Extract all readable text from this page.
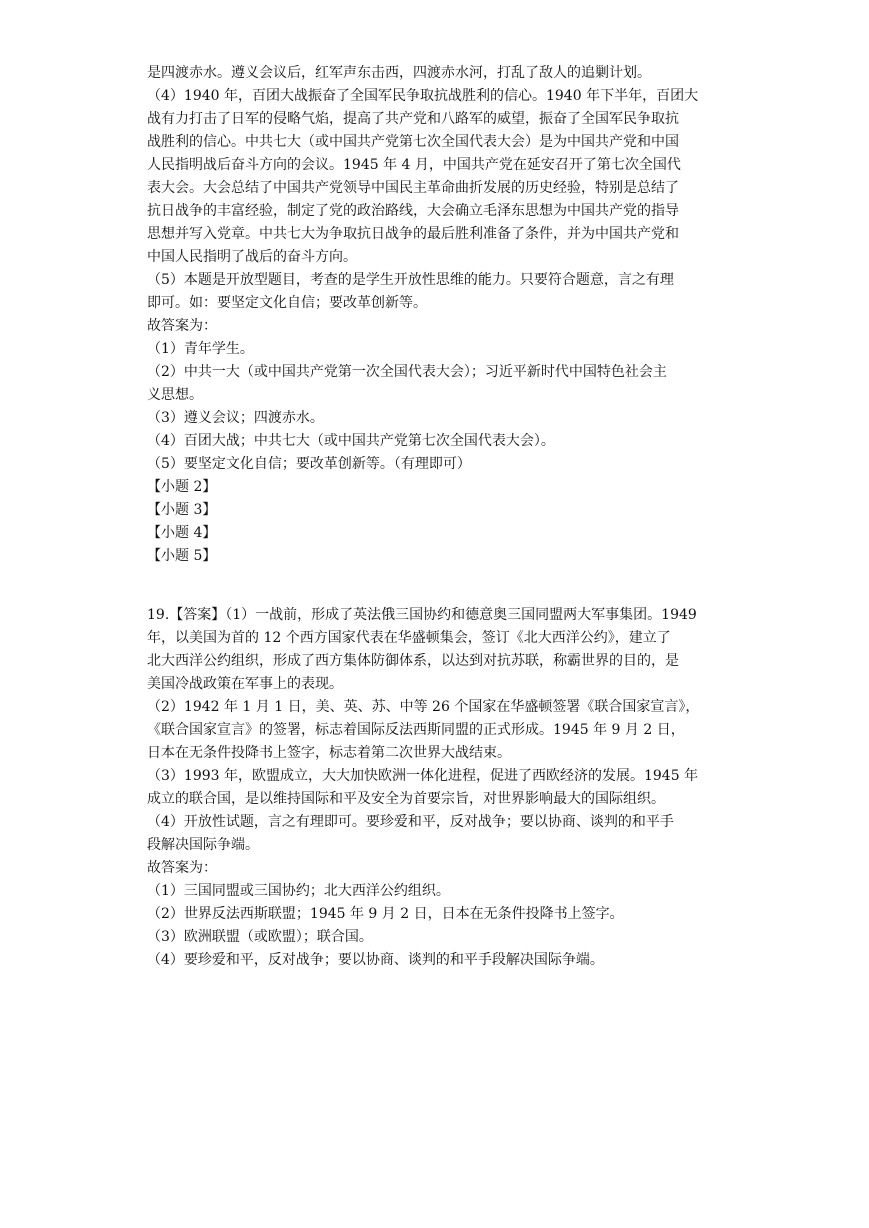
是四渡赤水。遵义会议后，红军声东击西，四渡赤水河，打乱了敌人的追剿计划。
（4）1940 年，百团大战振奋了全国军民争取抗战胜利的信心。1940 年下半年，百团大
战有力打击了日军的侵略气焰，提高了共产党和八路军的威望，振奋了全国军民争取抗
战胜利的信心。中共七大（或中国共产党第七次全国代表大会）是为中国共产党和中国
人民指明战后奋斗方向的会议。1945 年 4 月，中国共产党在延安召开了第七次全国代
表大会。大会总结了中国共产党领导中国民主革命曲折发展的历史经验，特别是总结了
抗日战争的丰富经验，制定了党的政治路线，大会确立毛泽东思想为中国共产党的指导
思想并写入党章。中共七大为争取抗日战争的最后胜利准备了条件，并为中国共产党和
中国人民指明了战后的奋斗方向。
（5）本题是开放型题目，考查的是学生开放性思维的能力。只要符合题意，言之有理
即可。如：要坚定文化自信；要改革创新等。
故答案为：
（1）青年学生。
（2）中共一大（或中国共产党第一次全国代表大会）；习近平新时代中国特色社会主
义思想。
（3）遵义会议；四渡赤水。
（4）百团大战；中共七大（或中国共产党第七次全国代表大会）。
（5）要坚定文化自信；要改革创新等。（有理即可）
【小题 2】
【小题 3】
【小题 4】
【小题 5】
19.【答案】（1）一战前，形成了英法俄三国协约和德意奥三国同盟两大军事集团。1949
年，以美国为首的 12 个西方国家代表在华盛顿集会，签订《北大西洋公约》，建立了
北大西洋公约组织，形成了西方集体防御体系，以达到对抗苏联，称霸世界的目的，是
美国冷战政策在军事上的表现。
（2）1942 年 1 月 1 日，美、英、苏、中等 26 个国家在华盛顿签署《联合国家宣言》，
《联合国家宣言》的签署，标志着国际反法西斯同盟的正式形成。1945 年 9 月 2 日，
日本在无条件投降书上签字，标志着第二次世界大战结束。
（3）1993 年，欧盟成立，大大加快欧洲一体化进程，促进了西欧经济的发展。1945 年
成立的联合国，是以维持国际和平及安全为首要宗旨，对世界影响最大的国际组织。
（4）开放性试题，言之有理即可。要珍爱和平，反对战争；要以协商、谈判的和平手
段解决国际争端。
故答案为：
（1）三国同盟或三国协约；北大西洋公约组织。
（2）世界反法西斯联盟；1945 年 9 月 2 日，日本在无条件投降书上签字。
（3）欧洲联盟（或欧盟）；联合国。
（4）要珍爱和平，反对战争；要以协商、谈判的和平手段解决国际争端。
